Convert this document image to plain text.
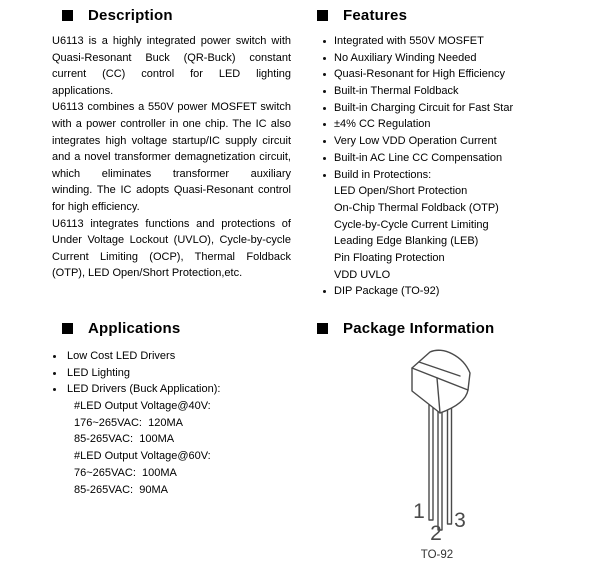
Description
U6113 is a highly integrated power switch with
Quasi-Resonant Buck (QR-Buck) constant
current (CC) control for LED lighting
applications.
U6113 combines a 550V power MOSFET switch
with a power controller in one chip. The IC also
integrates high voltage startup/IC supply circuit
and a novel transformer demagnetization circuit,
which eliminates transformer auxiliary
winding. The IC adopts Quasi-Resonant control
for high efficiency.
U6113 integrates functions and protections of
Under Voltage Lockout (UVLO), Cycle-by-cycle
Current Limiting (OCP), Thermal Foldback
(OTP), LED Open/Short Protection,etc.
Features
Integrated with 550V MOSFET
No Auxiliary Winding Needed
Quasi-Resonant for High Efficiency
Built-in Thermal Foldback
Built-in Charging Circuit for Fast Star
±4% CC Regulation
Very Low VDD Operation Current
Built-in AC Line CC Compensation
Build in Protections:
LED Open/Short Protection
On-Chip Thermal Foldback (OTP)
Cycle-by-Cycle Current Limiting
Leading Edge Blanking (LEB)
Pin Floating Protection
VDD UVLO
DIP Package (TO-92)
Applications
Low Cost LED Drivers
LED Lighting
LED Drivers (Buck Application):
#LED Output Voltage@40V:
176~265VAC:  120MA
85-265VAC:  100MA
#LED Output Voltage@60V:
76~265VAC:  100MA
85-265VAC:  90MA
Package Information
1
2
3
TO-92
